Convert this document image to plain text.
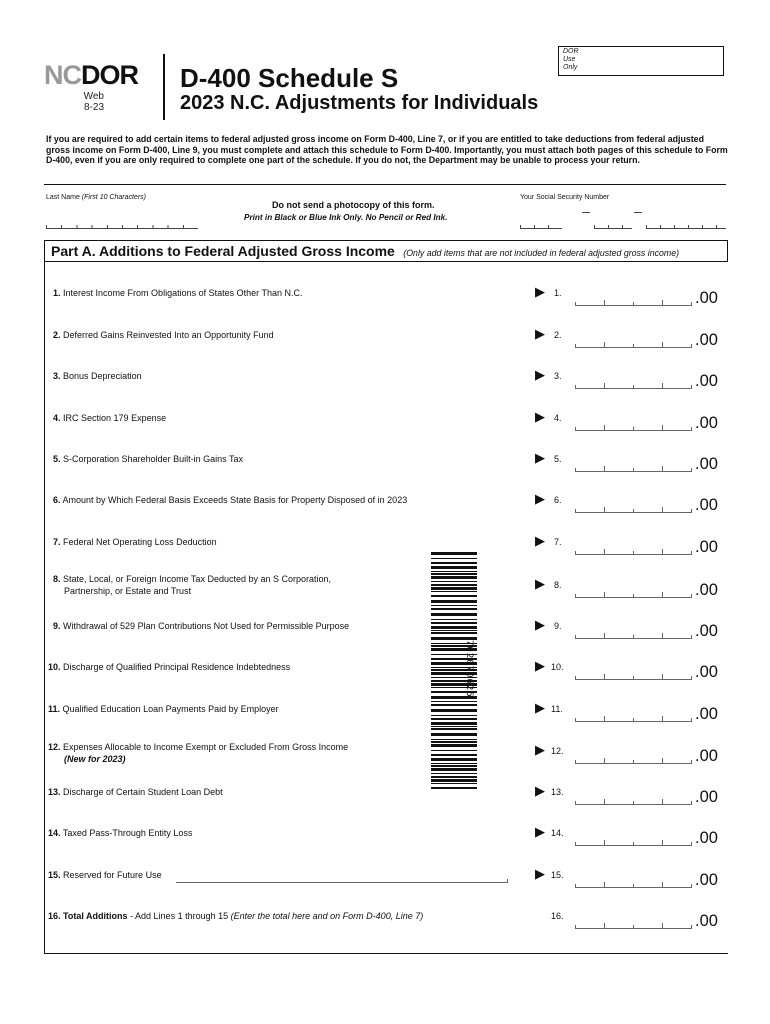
NCDOR
Web
8-23
D-400 Schedule S
2023 N.C. Adjustments for Individuals
DOR
Use
Only
If you are required to add certain items to federal adjusted gross income on Form D-400, Line 7, or if you are entitled to take deductions from federal adjusted gross income on Form D-400, Line 9, you must complete and attach this schedule to Form D-400. Importantly, you must attach both pages of this schedule to Form D-400, even if you are only required to complete one part of the schedule. If you do not, the Department may be unable to process your return.
Last Name (First 10 Characters)
Do not send a photocopy of this form.
Print in Black or Blue Ink Only. No Pencil or Red Ink.
Your Social Security Number
Part A. Additions to Federal Adjusted Gross Income (Only add items that are not included in federal adjusted gross income)
1. Interest Income From Obligations of States Other Than N.C.	▶ 1.	.00
2. Deferred Gains Reinvested Into an Opportunity Fund	▶ 2.	.00
3. Bonus Depreciation	▶ 3.	.00
4. IRC Section 179 Expense	▶ 4.	.00
5. S-Corporation Shareholder Built-in Gains Tax	▶ 5.	.00
6. Amount by Which Federal Basis Exceeds State Basis for Property Disposed of in 2023	▶ 6.	.00
7. Federal Net Operating Loss Deduction	▶ 7.	.00
8. State, Local, or Foreign Income Tax Deducted by an S Corporation,
Partnership, or Estate and Trust	▶ 8.	.00
9. Withdrawal of 529 Plan Contributions Not Used for Permissible Purpose	▶ 9.	.00
10. Discharge of Qualified Principal Residence Indebtedness	▶ 10.	.00
11. Qualified Education Loan Payments Paid by Employer	▶ 11.	.00
12. Expenses Allocable to Income Exempt or Excluded From Gross Income
(New for 2023)
▶ 12.	.00
13. Discharge of Certain Student Loan Debt	▶ 13.	.00
14. Taxed Pass-Through Entity Loss	▶ 14.	.00
15. Reserved for Future Use	▶ 15.	.00
16. Total Additions - Add Lines 1 through 15 (Enter the total here and on Form D-400, Line 7)	16.	.00
702070625
